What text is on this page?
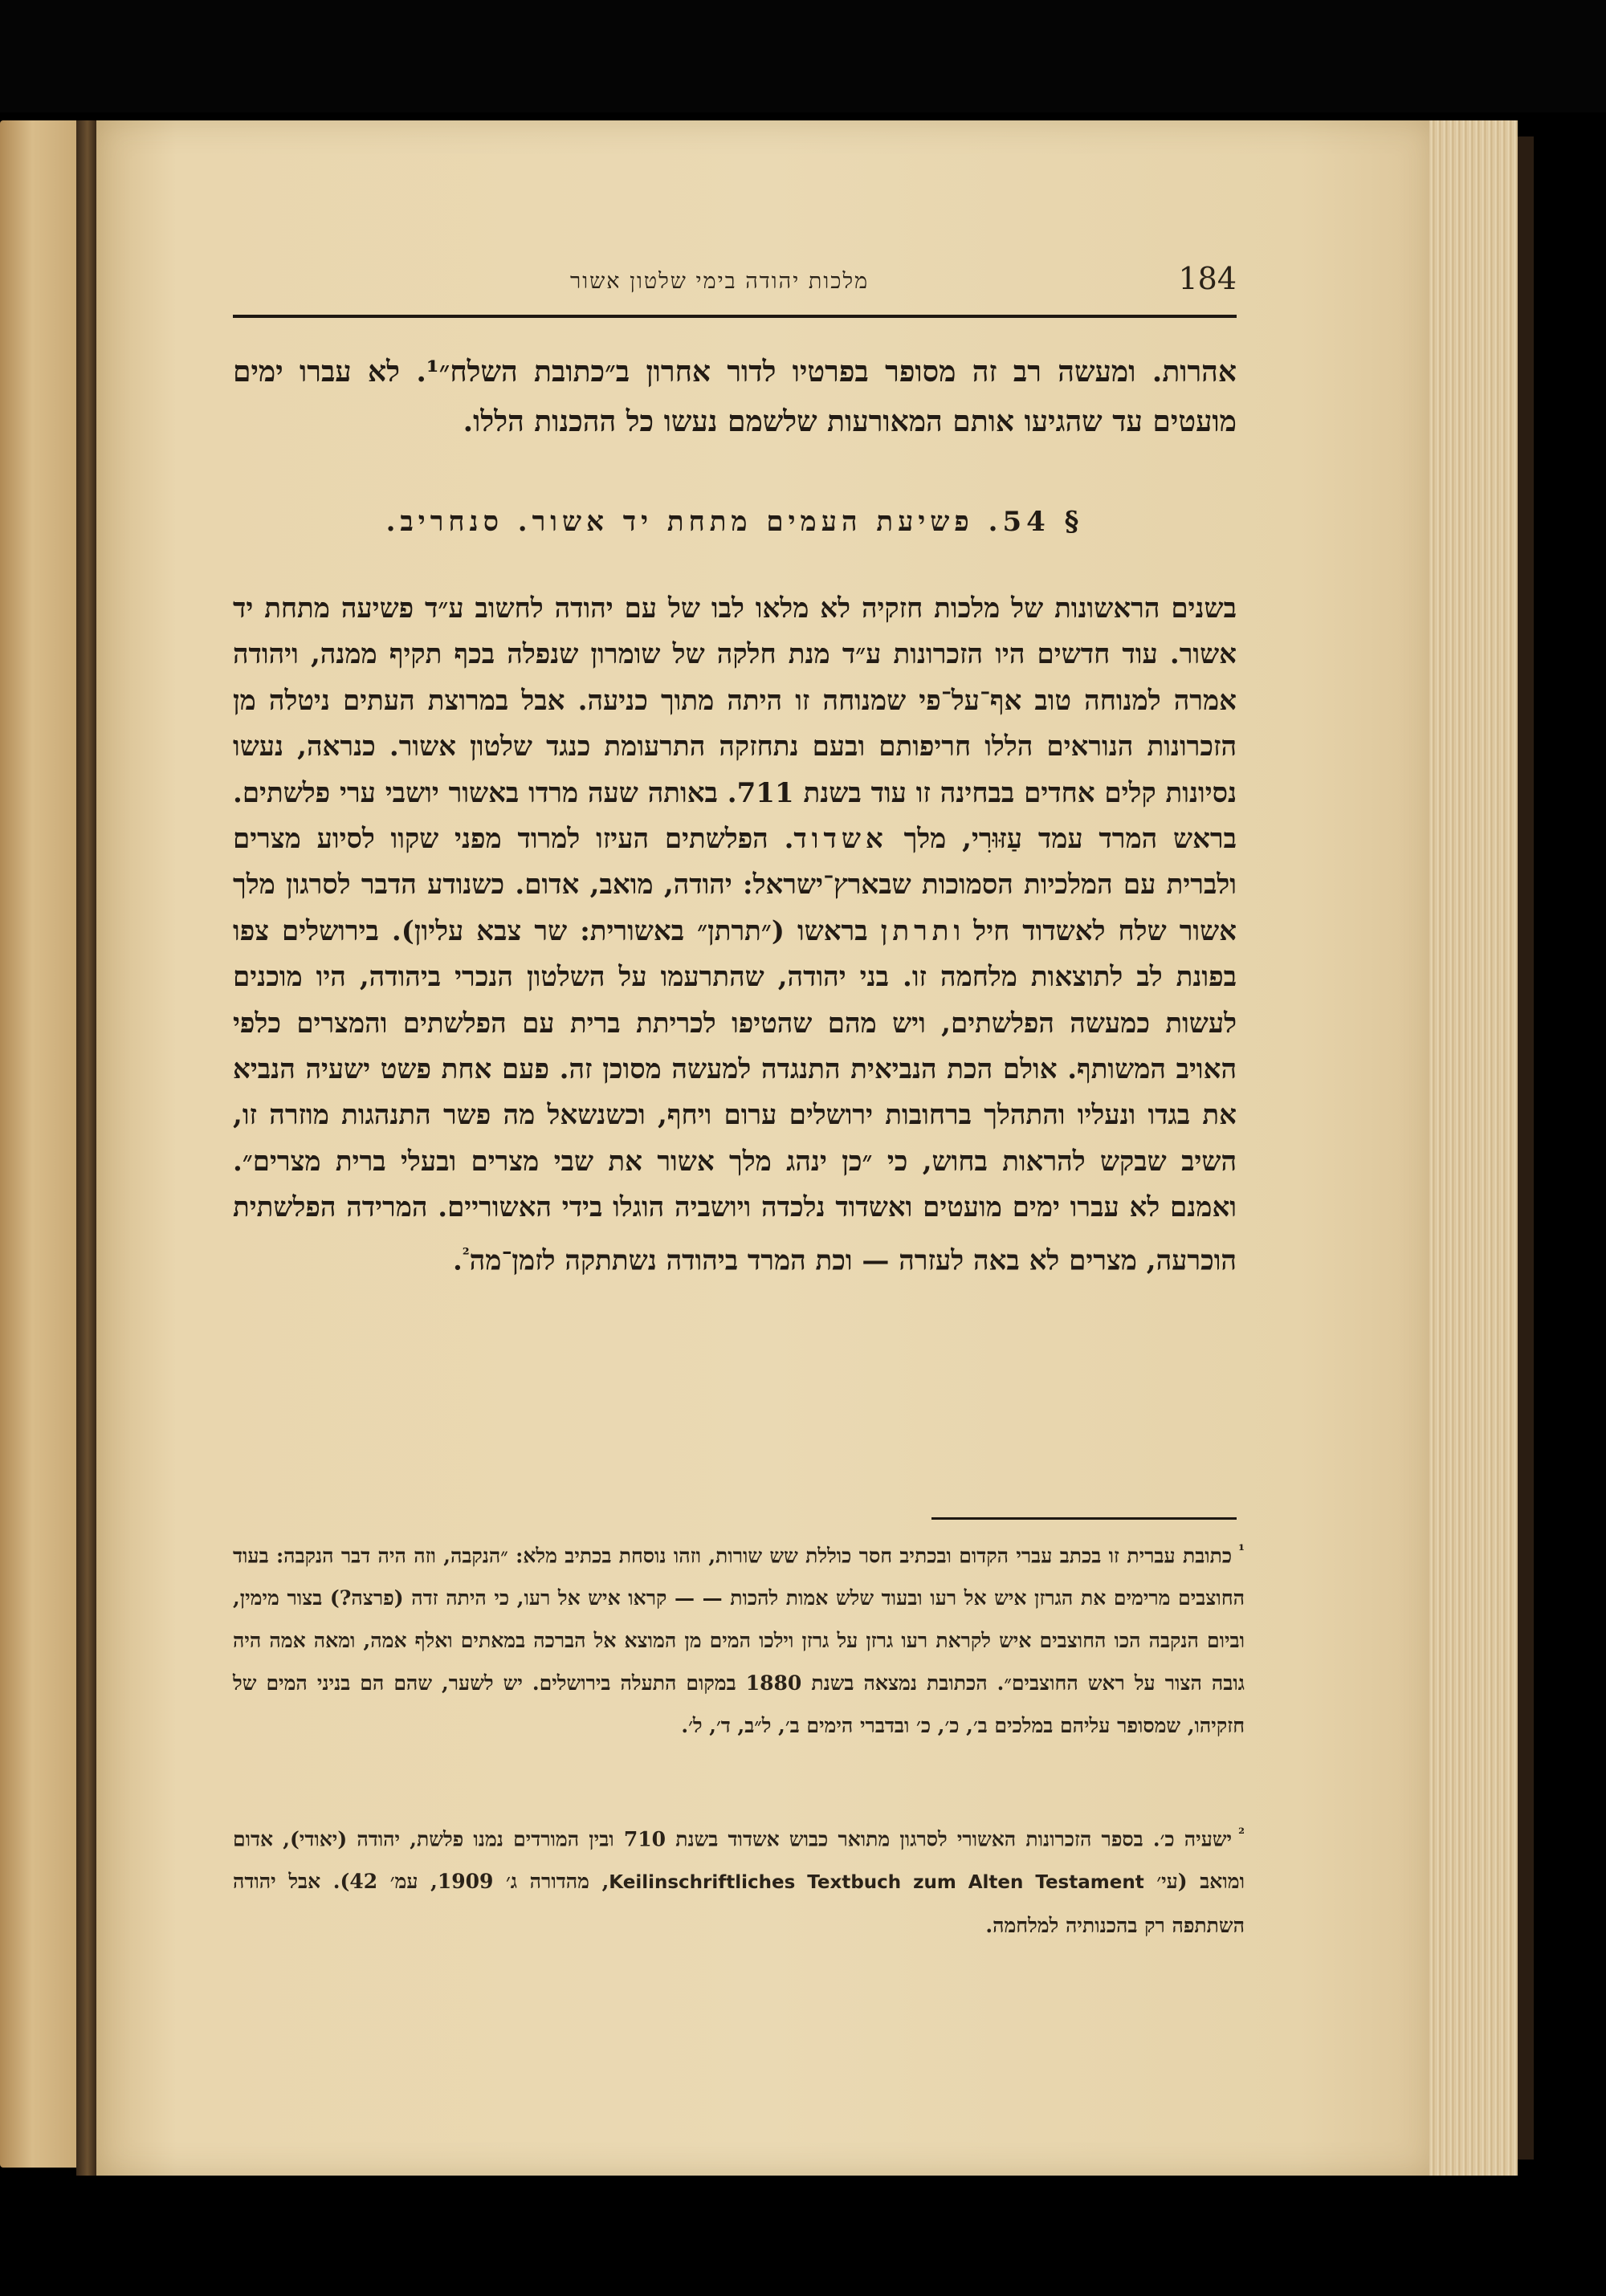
מלכות יהודה בימי שלטון אשור	184
אהרות. ומעשה רב זה מסופר בפרטיו לדור אחרון ב״כתובת השלח״¹. לא עברו ימים מועטים עד שהגיעו אותם המאורעות שלשמם נעשו כל ההכנות הללו.
§ 54. פשיעת העמים מתחת יד אשור. סנחריב.
בשנים הראשונות של מלכות חזקיה לא מלאו לבו של עם יהודה לחשוב ע״ד פשיעה מתחת יד אשור. עוד חדשים היו הזכרונות ע״ד מנת חלקה של שומרון שנפלה בכף תקיף ממנה, ויהודה אמרה למנוחה טוב אף־על־פי שמנוחה זו היתה מתוך כניעה. אבל במרוצת העתים ניטלה מן הזכרונות הנוראים הללו חריפותם ובעם נתחזקה התרעומת כנגד שלטון אשור. כנראה, נעשו נסיונות קלים אחדים בבחינה זו עוד בשנת 711. באותה שעה מרדו באשור יושבי ערי פלשתים. בראש המרד עמד עַזּוּרִי, מלך אשדוד. הפלשתים העיזו למרוד מפני שקוו לסיוע מצרים ולברית עם המלכיות הסמוכות שבארץ־ישראל: יהודה, מואב, אדום. כשנודע הדבר לסרגון מלך אשור שלח לאשדוד חיל ותרתן בראשו (״תרתן״ באשורית: שר צבא עליון). בירושלים צפו בפונת לב לתוצאות מלחמה זו. בני יהודה, שהתרעמו על השלטון הנכרי ביהודה, היו מוכנים לעשות כמעשה הפלשתים, ויש מהם שהטיפו לכריתת ברית עם הפלשתים והמצרים כלפי האויב המשותף. אולם הכת הנביאית התנגדה למעשה מסוכן זה. פעם אחת פשט ישעיה הנביא את בגדו ונעליו והתהלך ברחובות ירושלים ערום ויחף, וכשנשאל מה פשר התנהגות מוזרה זו, השיב שבקש להראות בחוש, כי ״כן ינהג מלך אשור את שבי מצרים ובעלי ברית מצרים״. ואמנם לא עברו ימים מועטים ואשדוד נלכדה ויושביה הוגלו בידי האשוריים. המרידה הפלשתית הוכרעה, מצרים לא באה לעזרה — וכת המרד ביהודה נשתתקה לזמן־מה$^{^2}$.
$^{^1}$כתובת עברית זו בכתב עברי הקדום ובכתיב חסר כוללת שש שורות, וזהו נוסחת בכתיב מלא: ״הנקבה, וזה היה דבר הנקבה: בעוד החוצבים מרימים את הגרזן איש אל רעו ובעוד שלש אמות להכות — — קראו איש אל רעו, כי היתה זדה (פרצה?) בצור מימין, וביום הנקבה הכו החוצבים איש לקראת רעו גרזן על גרזן וילכו המים מן המוצא אל הברכה במאתים ואלף אמה, ומאה אמה היה גובה הצור על ראש החוצבים״. הכתובת נמצאה בשנת 1880 במקום התעלה בירושלים. יש לשער, שהם הם בניני המים של חזקיהו, שמסופר עליהם במלכים ב׳, כ׳, כ׳ ובדברי הימים ב׳, ל״ב, ד׳, ל׳.
$^{^2}$ישעיה כ׳. בספר הזכרונות האשורי לסרגון מתואר כבוש אשדוד בשנת 710 ובין המורדים נמנו פלשת, יהודה (יאודי), אדום ומואב (עי׳ Keilinschriftliches Textbuch zum Alten Testament, מהדורה ג׳ 1909, עמ׳ 42). אבל יהודה השתתפה רק בהכנותיה למלחמה.
